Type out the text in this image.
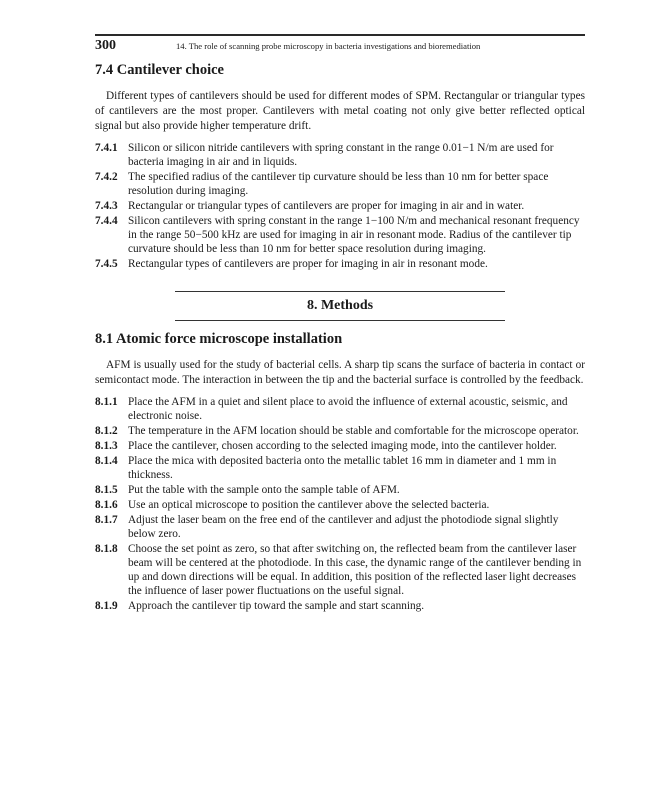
300	14. The role of scanning probe microscopy in bacteria investigations and bioremediation
7.4 Cantilever choice

Different types of cantilevers should be used for different modes of SPM. Rectangular or triangular types of cantilevers are the most proper. Cantilevers with metal coating not only give better reflected optical signal but also provide higher temperature drift.

7.4.1 Silicon or silicon nitride cantilevers with spring constant in the range 0.01−1 N/m are used for bacteria imaging in air and in liquids.
7.4.2 The specified radius of the cantilever tip curvature should be less than 10 nm for better space resolution during imaging.
7.4.3 Rectangular or triangular types of cantilevers are proper for imaging in air and in water.
7.4.4 Silicon cantilevers with spring constant in the range 1−100 N/m and mechanical resonant frequency in the range 50−500 kHz are used for imaging in air in resonant mode. Radius of the cantilever tip curvature should be less than 10 nm for better space resolution during imaging.
7.4.5 Rectangular types of cantilevers are proper for imaging in air in resonant mode.
8. Methods
8.1 Atomic force microscope installation

AFM is usually used for the study of bacterial cells. A sharp tip scans the surface of bacteria in contact or semicontact mode. The interaction in between the tip and the bacterial surface is controlled by the feedback.

8.1.1 Place the AFM in a quiet and silent place to avoid the influence of external acoustic, seismic, and electronic noise.
8.1.2 The temperature in the AFM location should be stable and comfortable for the microscope operator.
8.1.3 Place the cantilever, chosen according to the selected imaging mode, into the cantilever holder.
8.1.4 Place the mica with deposited bacteria onto the metallic tablet 16 mm in diameter and 1 mm in thickness.
8.1.5 Put the table with the sample onto the sample table of AFM.
8.1.6 Use an optical microscope to position the cantilever above the selected bacteria.
8.1.7 Adjust the laser beam on the free end of the cantilever and adjust the photodiode signal slightly below zero.
8.1.8 Choose the set point as zero, so that after switching on, the reflected beam from the cantilever laser beam will be centered at the photodiode. In this case, the dynamic range of the cantilever bending in up and down directions will be equal. In addition, this position of the reflected laser light decreases the influence of laser power fluctuations on the useful signal.
8.1.9 Approach the cantilever tip toward the sample and start scanning.
